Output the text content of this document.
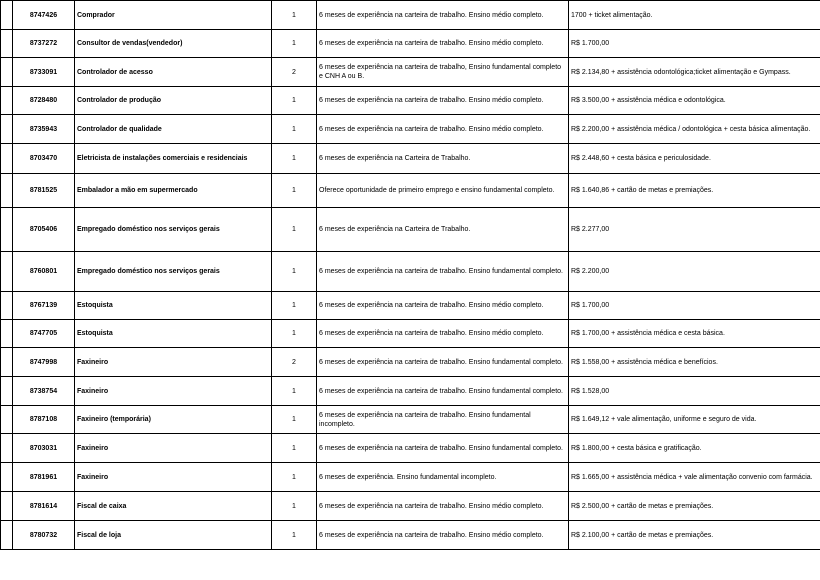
	8747426	Comprador	1	6 meses de experiência na carteira de trabalho. Ensino médio completo.	1700 + ticket alimentação.
	8737272	Consultor de vendas(vendedor)	1	6 meses de experiência na carteira de trabalho. Ensino médio completo.	R$ 1.700,00
	8733091	Controlador de acesso	2	6 meses de experiência na carteira de trabalho, Ensino fundamental completo e CNH A ou B.	R$ 2.134,80 + assistência odontológica;ticket alimentação e Gympass.
	8728480	Controlador de produção	1	6 meses de experiência na carteira de trabalho. Ensino médio completo.	R$ 3.500,00 + assistência médica e odontológica.
	8735943	Controlador de qualidade	1	6 meses de experiência na carteira de trabalho. Ensino médio completo.	R$ 2.200,00 + assistência médica / odontológica + cesta básica alimentação.
	8703470	Eletricista de instalações comerciais e residenciais	1	6 meses de experiência na Carteira de Trabalho.	R$ 2.448,60 + cesta básica e periculosidade.
	8781525	Embalador a mão em supermercado	1	Oferece oportunidade de primeiro emprego e ensino fundamental completo.	R$ 1.640,86 + cartão de metas e premiações.
	8705406	Empregado doméstico nos serviços gerais	1	6 meses de experiência na Carteira de Trabalho.	R$ 2.277,00
	8760801	Empregado doméstico nos serviços gerais	1	6 meses de experiência na carteira de trabalho. Ensino fundamental completo.	R$ 2.200,00
	8767139	Estoquista	1	6 meses de experiência na carteira de trabalho. Ensino médio completo.	R$ 1.700,00
	8747705	Estoquista	1	6 meses de experiência na carteira de trabalho. Ensino médio completo.	R$ 1.700,00 + assistência médica e cesta básica.
	8747998	Faxineiro	2	6 meses de experiência na carteira de trabalho. Ensino fundamental completo.	R$ 1.558,00 + assistência médica e benefícios.
	8738754	Faxineiro	1	6 meses de experiência na carteira de trabalho. Ensino fundamental completo.	R$ 1.528,00
	8787108	Faxineiro (temporária)	1	6 meses de experiência na carteira de trabalho. Ensino fundamental incompleto.	R$ 1.649,12 + vale alimentação, uniforme e seguro de vida.
	8703031	Faxineiro	1	6 meses de experiência na carteira de trabalho. Ensino fundamental completo.	R$ 1.800,00 + cesta básica e gratificação.
	8781961	Faxineiro	1	6 meses de experiência. Ensino fundamental incompleto.	R$ 1.665,00 + assistência médica + vale alimentação convenio com farmácia.
	8781614	Fiscal de caixa	1	6 meses de experiência na carteira de trabalho. Ensino médio completo.	R$ 2.500,00 + cartão de metas e premiações.
	8780732	Fiscal de loja	1	6 meses de experiência na carteira de trabalho. Ensino médio completo.	R$ 2.100,00 + cartão de metas e premiações.
